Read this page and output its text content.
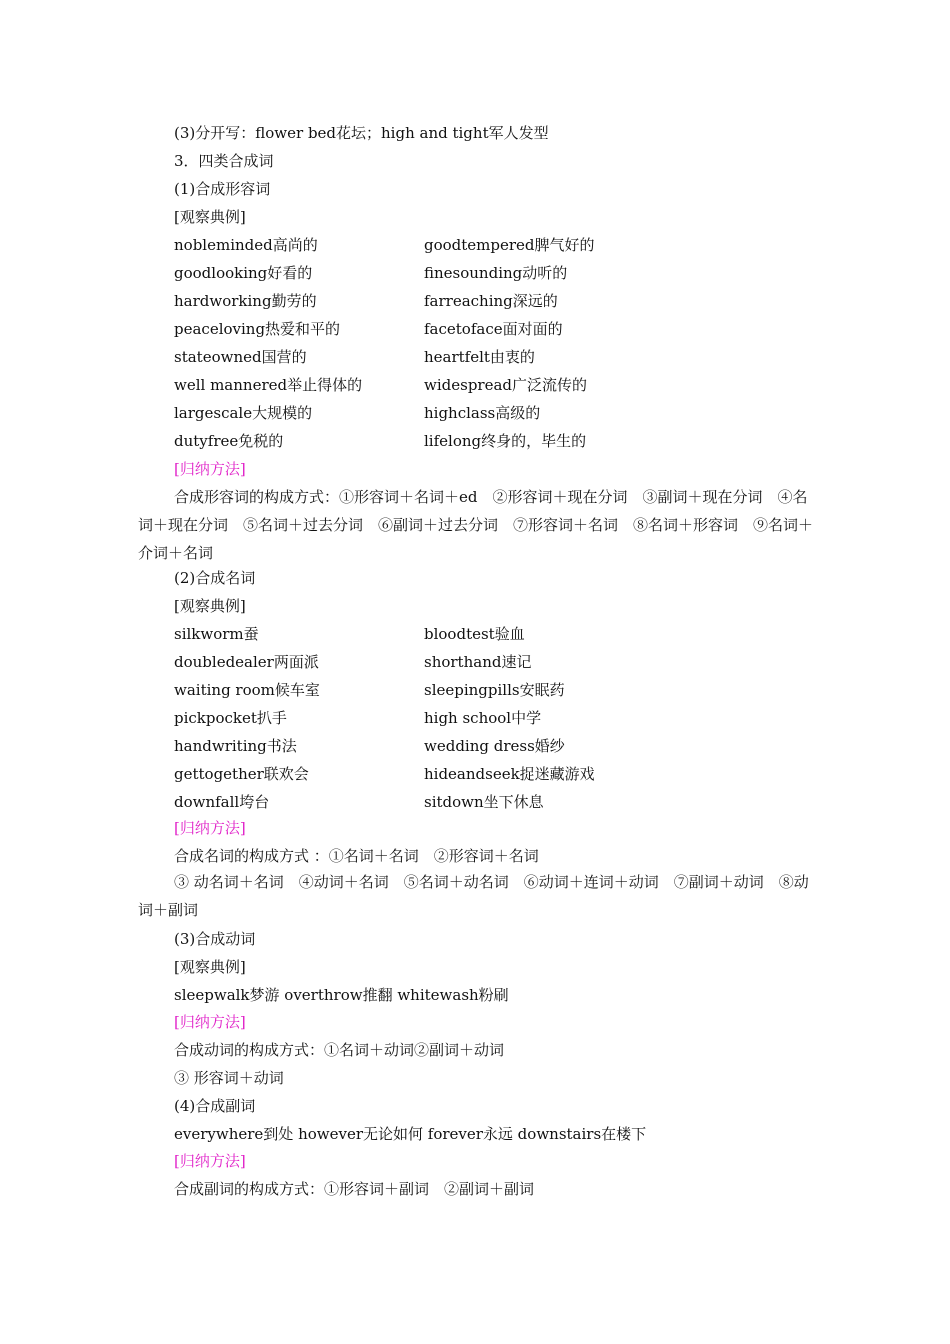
(3)分开写：flower bed花坛；high and tight军人发型
3．四类合成词
(1)合成形容词
[观察典例]
nobleminded高尚的	goodtempered脾气好的
goodlooking好看的	finesounding动听的
hardworking勤劳的	farreaching深远的
peaceloving热爱和平的	facetoface面对面的
stateowned国营的	heartfelt由衷的
well mannered举止得体的	widespread广泛流传的
largescale大规模的	highclass高级的
dutyfree免税的	lifelong终身的，毕生的
[归纳方法]
合成形容词的构成方式：①形容词＋名词＋ed　②形容词＋现在分词　③副词＋现在分词　④名词＋现在分词　⑤名词＋过去分词　⑥副词＋过去分词　⑦形容词＋名词　⑧名词＋形容词　⑨名词＋介词＋名词
(2)合成名词
[观察典例]
silkworm蚕	bloodtest验血
doubledealer两面派	shorthand速记
waiting room候车室	sleepingpills安眠药
pickpocket扒手	high school中学
handwriting书法	wedding dress婚纱
gettogether联欢会	hideandseek捉迷藏游戏
downfall垮台	sitdown坐下休息
[归纳方法]
合成名词的构成方式 ：①名词＋名词　②形容词＋名词
③ 动名词＋名词　④动词＋名词　⑤名词＋动名词　⑥动词＋连词＋动词　⑦副词＋动词　⑧动词＋副词
(3)合成动词
[观察典例]
sleepwalk梦游 overthrow推翻 whitewash粉刷
[归纳方法]
合成动词的构成方式：①名词＋动词②副词＋动词
③ 形容词＋动词
(4)合成副词
everywhere到处 however无论如何 forever永远 downstairs在楼下
[归纳方法]
合成副词的构成方式：①形容词＋副词　②副词＋副词
